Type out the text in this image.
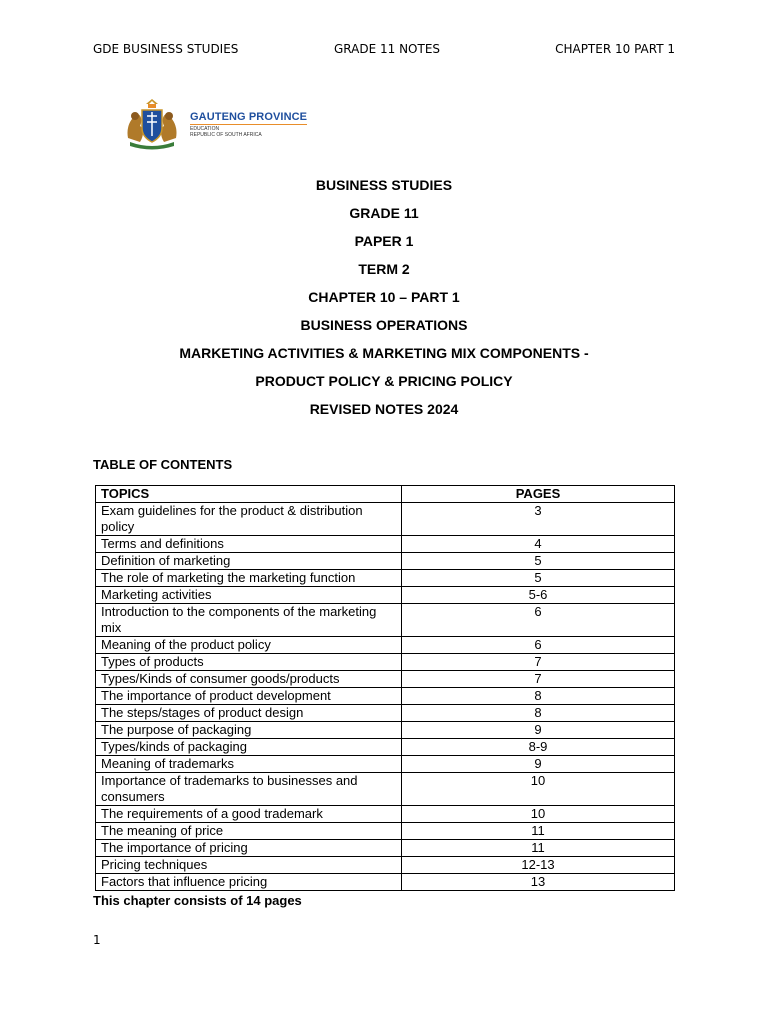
GDE BUSINESS STUDIES	GRADE 11 NOTES	CHAPTER 10 PART 1
GAUTENG PROVINCE
EDUCATION
REPUBLIC OF SOUTH AFRICA
BUSINESS STUDIES
GRADE 11
PAPER 1
TERM 2
CHAPTER 10 – PART 1
BUSINESS OPERATIONS
MARKETING ACTIVITIES & MARKETING MIX COMPONENTS -
PRODUCT POLICY & PRICING POLICY
REVISED NOTES 2024
TABLE OF CONTENTS
TOPICS	PAGES
Exam guidelines for the product & distribution policy	3
Terms and definitions	4
Definition of marketing	5
The role of marketing the marketing function	5
Marketing activities	5-6
Introduction to the components of the marketing mix	6
Meaning of the product policy	6
Types of products	7
Types/Kinds of consumer goods/products	7
The importance of product development	8
The steps/stages of product design	8
The purpose of packaging	9
Types/kinds of packaging	8-9
Meaning of trademarks	9
Importance of trademarks to businesses and consumers	10
The requirements of a good trademark	10
The meaning of price	11
The importance of pricing	11
Pricing techniques	12-13
Factors that influence pricing	13
This chapter consists of 14 pages
1
